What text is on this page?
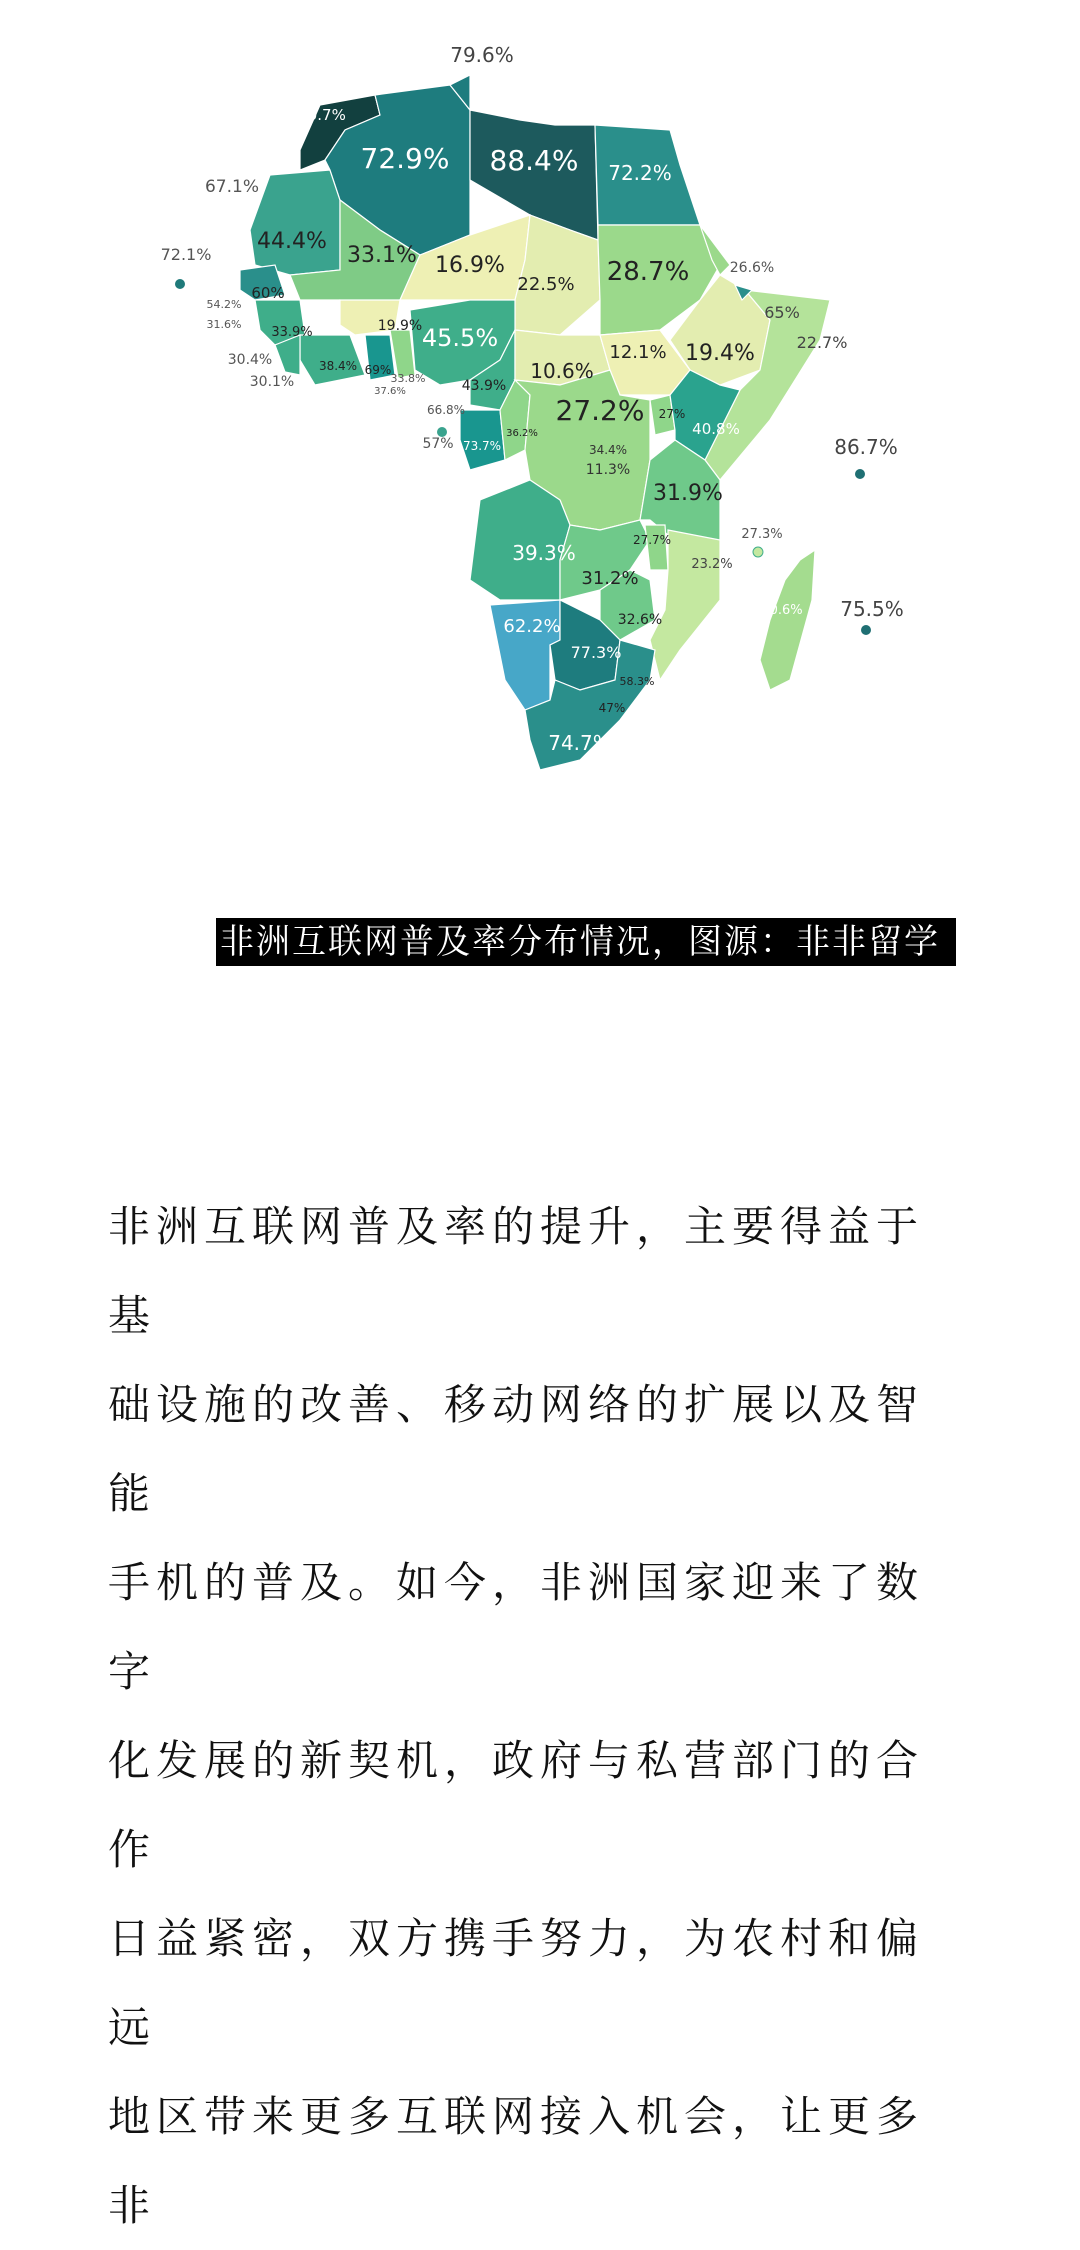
90.7%
72.9% 88.4% 72.2%
67.1%
44.4%
33.1% 16.9%
22.5% 28.7%	26.6%
65%
22.7%
19.4%
12.1%
10.6%
72.1%
60%
54.2%
31.6%
33.9%
30.4%
30.1%
38.4% 69%
37.6%
33.8%
19.9% 45.5%
43.9%
66.8%
57% 73.7%
36.2%
27.2% 27%
34.4%
11.3%
40.8%
31.9%
86.7%
27.3%
39.3%
27.7%
23.2%
31.2%
20.6% 75.5%
62.2%
77.3%
32.6%
58.3%
47%
74.7%
79.6%
非洲互联网普及率分布情况，图源：非非留学

非洲互联网普及率的提升，主要得益于基

础设施的改善、移动网络的扩展以及智能

手机的普及。如今，非洲国家迎来了数字

化发展的新契机，政府与私营部门的合作

日益紧密，双方携手努力，为农村和偏远

地区带来更多互联网接入机会，让更多非
